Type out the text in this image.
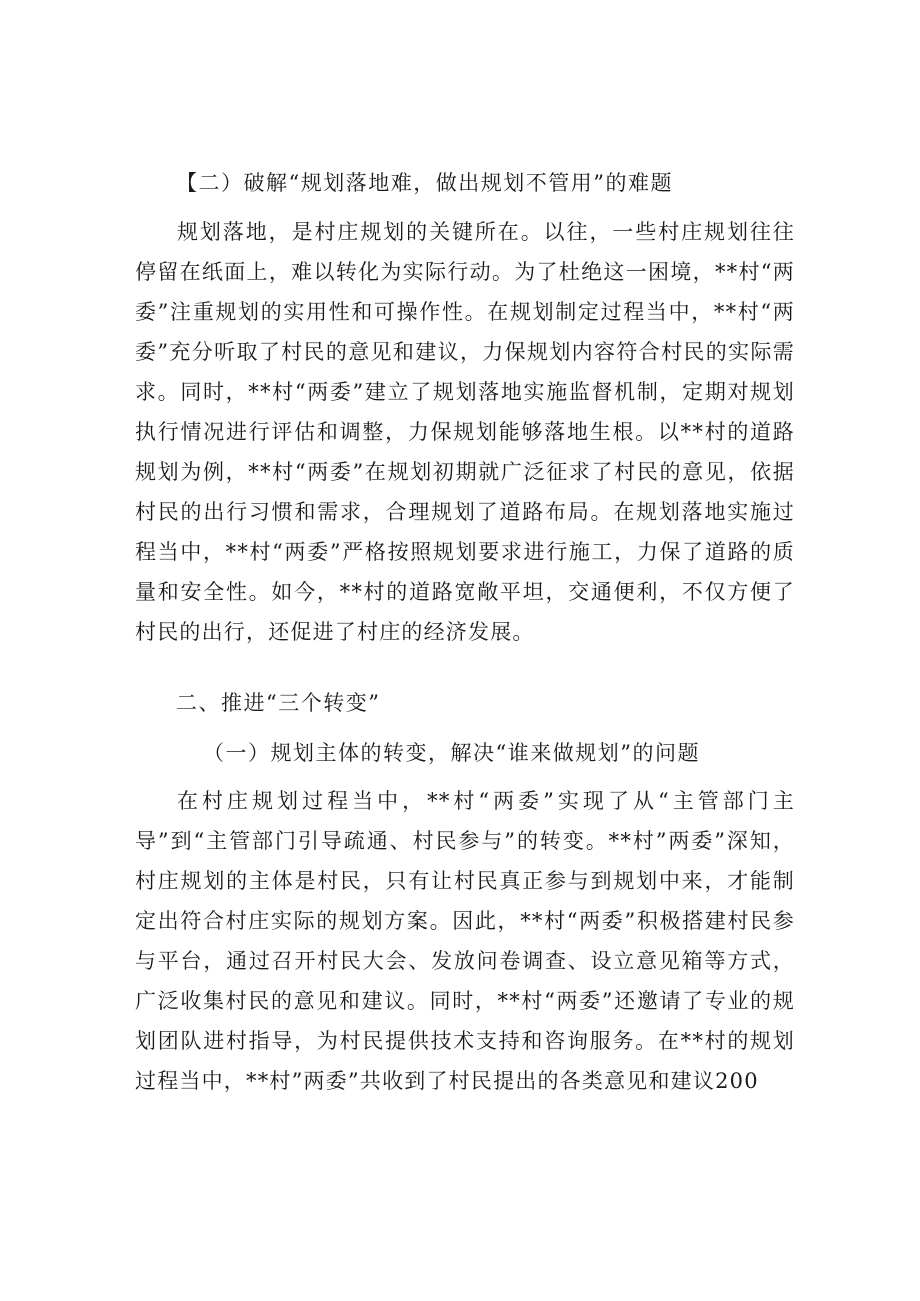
【二）破解“规划落地难，做出规划不管用”的难题

规划落地，是村庄规划的关键所在。以往，一些村庄规划往往停留在纸面上，难以转化为实际行动。为了杜绝这一困境，**村“两委”注重规划的实用性和可操作性。在规划制定过程当中，**村“两委”充分听取了村民的意见和建议，力保规划内容符合村民的实际需求。同时，**村“两委”建立了规划落地实施监督机制，定期对规划执行情况进行评估和调整，力保规划能够落地生根。以**村的道路规划为例，**村“两委”在规划初期就广泛征求了村民的意见，依据村民的出行习惯和需求，合理规划了道路布局。在规划落地实施过程当中，**村“两委”严格按照规划要求进行施工，力保了道路的质量和安全性。如今，**村的道路宽敞平坦，交通便利，不仅方便了村民的出行，还促进了村庄的经济发展。

二、推进“三个转变”

（一）规划主体的转变，解决“谁来做规划”的问题

在村庄规划过程当中，**村“两委”实现了从“主管部门主导”到“主管部门引导疏通、村民参与”的转变。**村”两委”深知，村庄规划的主体是村民，只有让村民真正参与到规划中来，才能制定出符合村庄实际的规划方案。因此，**村“两委”积极搭建村民参与平台，通过召开村民大会、发放问卷调查、设立意见箱等方式，广泛收集村民的意见和建议。同时，**村“两委”还邀请了专业的规划团队进村指导，为村民提供技术支持和咨询服务。在**村的规划过程当中，**村”两委”共收到了村民提出的各类意见和建议200
